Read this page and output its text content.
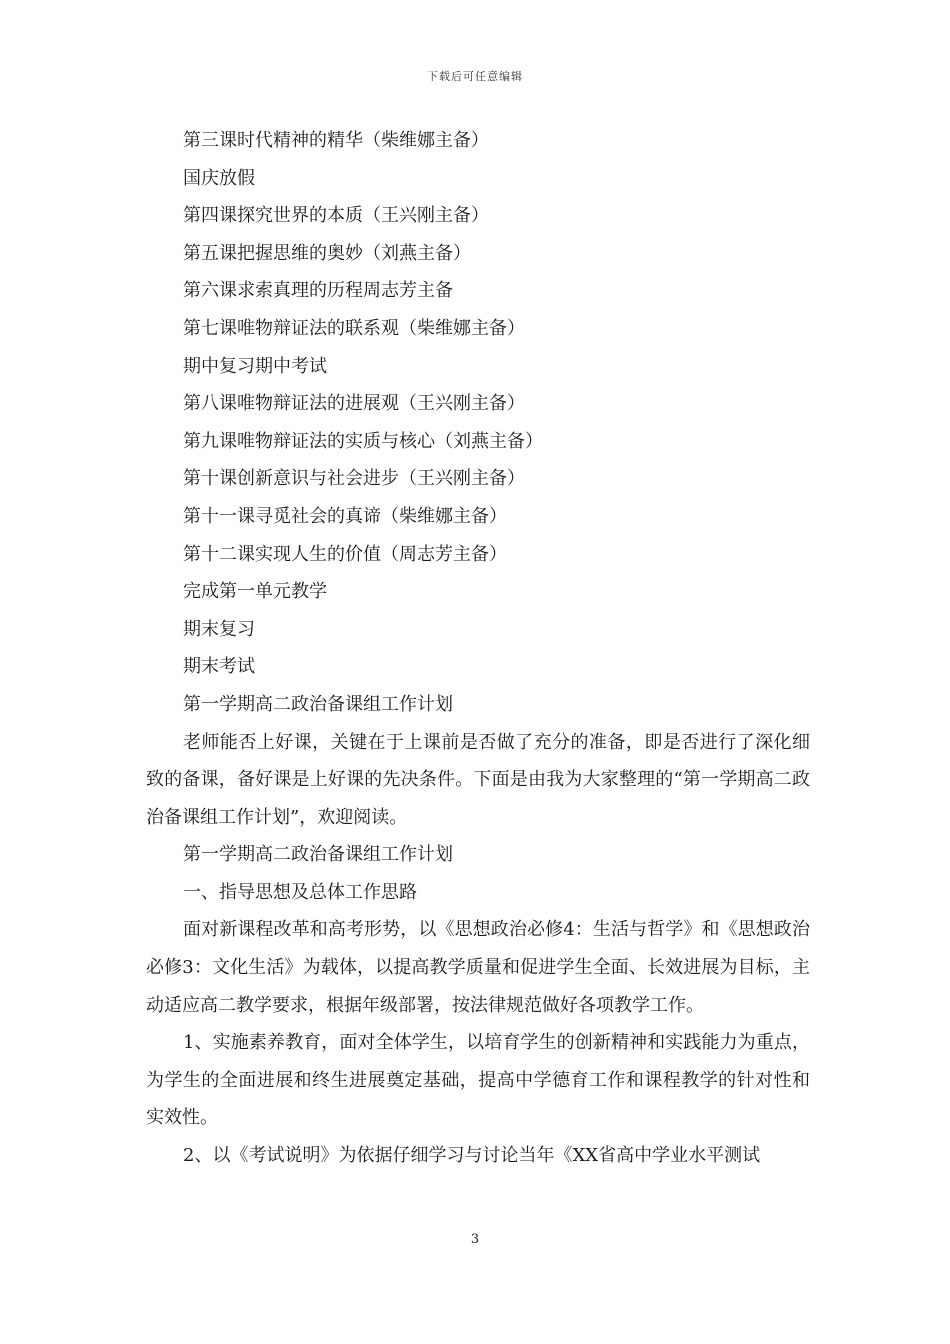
下载后可任意编辑
第三课时代精神的精华（柴维娜主备）
国庆放假
第四课探究世界的本质（王兴刚主备）
第五课把握思维的奥妙（刘燕主备）
第六课求索真理的历程周志芳主备
第七课唯物辩证法的联系观（柴维娜主备）
期中复习期中考试
第八课唯物辩证法的进展观（王兴刚主备）
第九课唯物辩证法的实质与核心（刘燕主备）
第十课创新意识与社会进步（王兴刚主备）
第十一课寻觅社会的真谛（柴维娜主备）
第十二课实现人生的价值（周志芳主备）
完成第一单元教学
期末复习
期末考试
第一学期高二政治备课组工作计划
老师能否上好课，关键在于上课前是否做了充分的准备，即是否进行了深化细致的备课，备好课是上好课的先决条件。下面是由我为大家整理的“第一学期高二政治备课组工作计划”，欢迎阅读。
第一学期高二政治备课组工作计划
一、指导思想及总体工作思路
面对新课程改革和高考形势，以《思想政治必修4：生活与哲学》和《思想政治必修3：文化生活》为载体，以提高教学质量和促进学生全面、长效进展为目标，主动适应高二教学要求，根据年级部署，按法律规范做好各项教学工作。
1、实施素养教育，面对全体学生，以培育学生的创新精神和实践能力为重点，为学生的全面进展和终生进展奠定基础，提高中学德育工作和课程教学的针对性和实效性。
2、以《考试说明》为依据仔细学习与讨论当年《XX省高中学业水平测试
3
